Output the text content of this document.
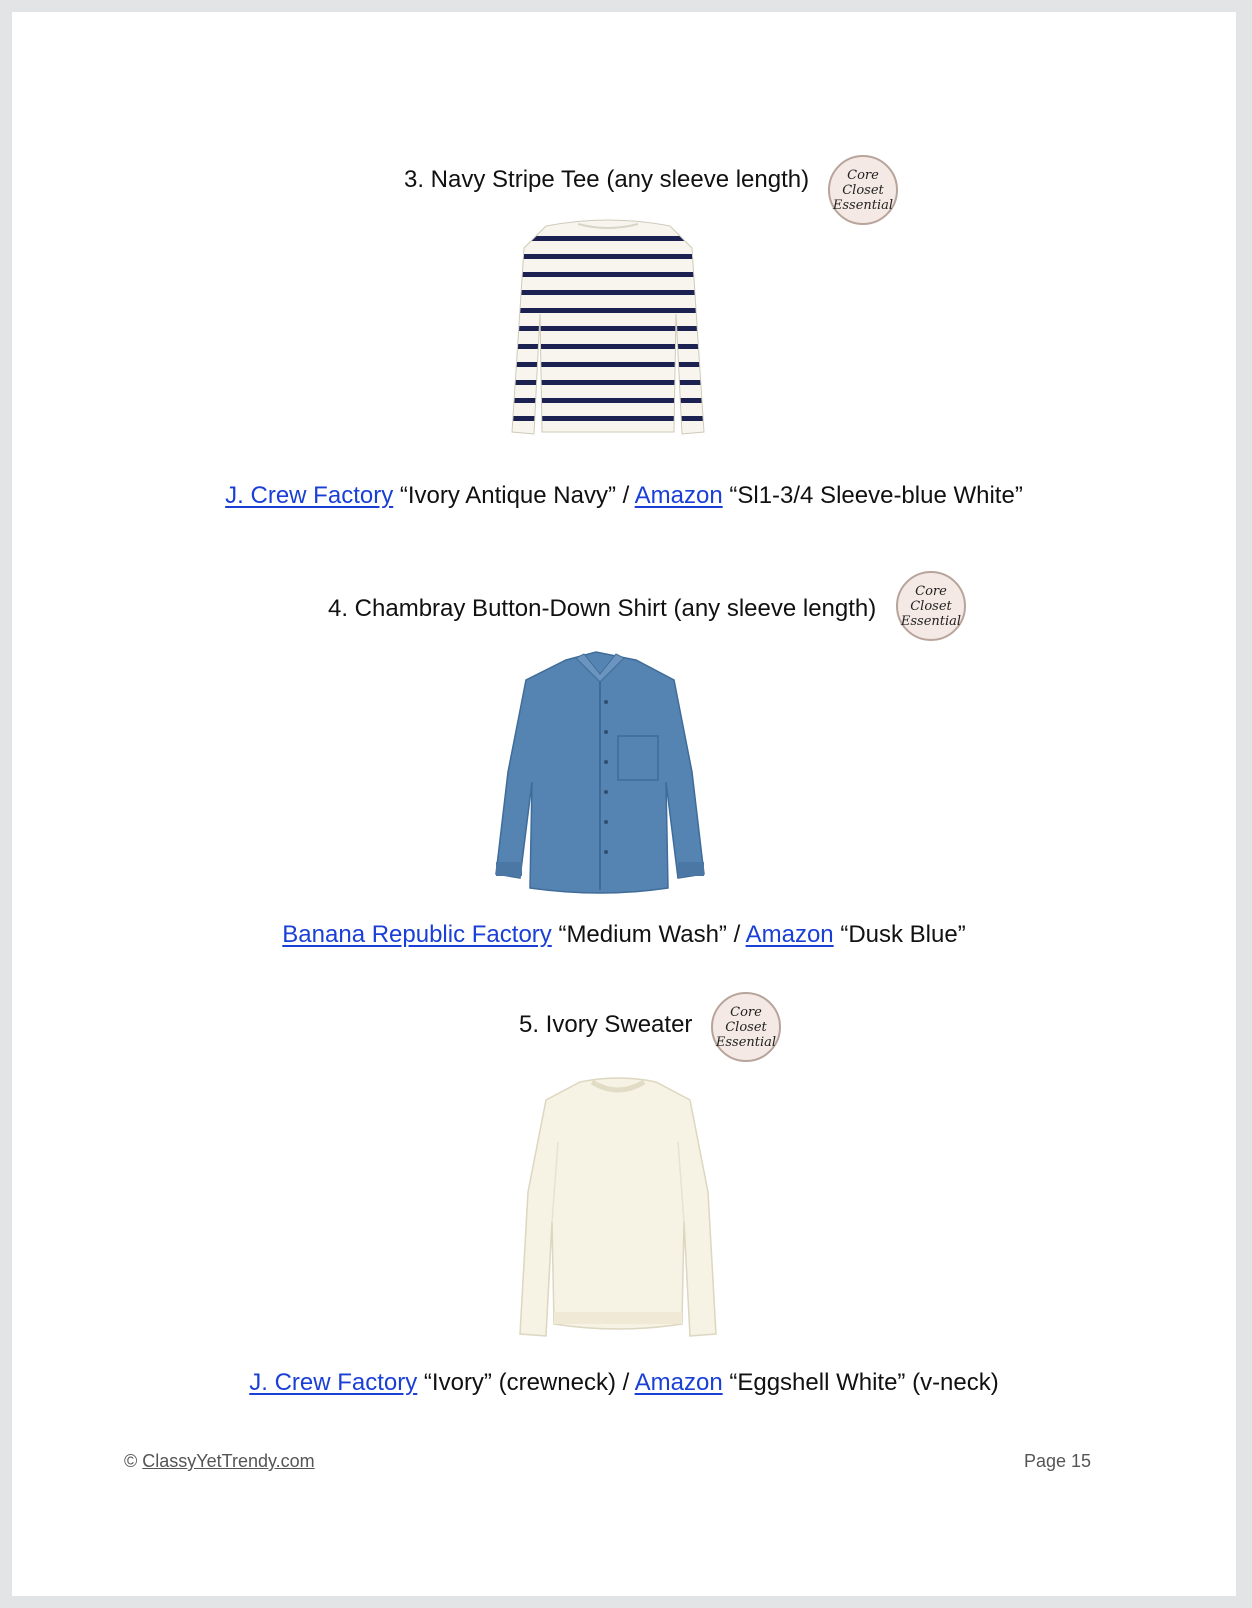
3. Navy Stripe Tee (any sleeve length)	Core
Closet
Essential
J. Crew Factory “Ivory Antique Navy” / Amazon “Sl1-3/4 Sleeve-blue White”
4. Chambray Button-Down Shirt (any sleeve length)
Core
Closet
Essential
Banana Republic Factory “Medium Wash” / Amazon “Dusk Blue”
5. Ivory Sweater	Core
Closet
Essential
J. Crew Factory “Ivory” (crewneck) / Amazon “Eggshell White” (v-neck)
© ClassyYetTrendy.com	Page 15
